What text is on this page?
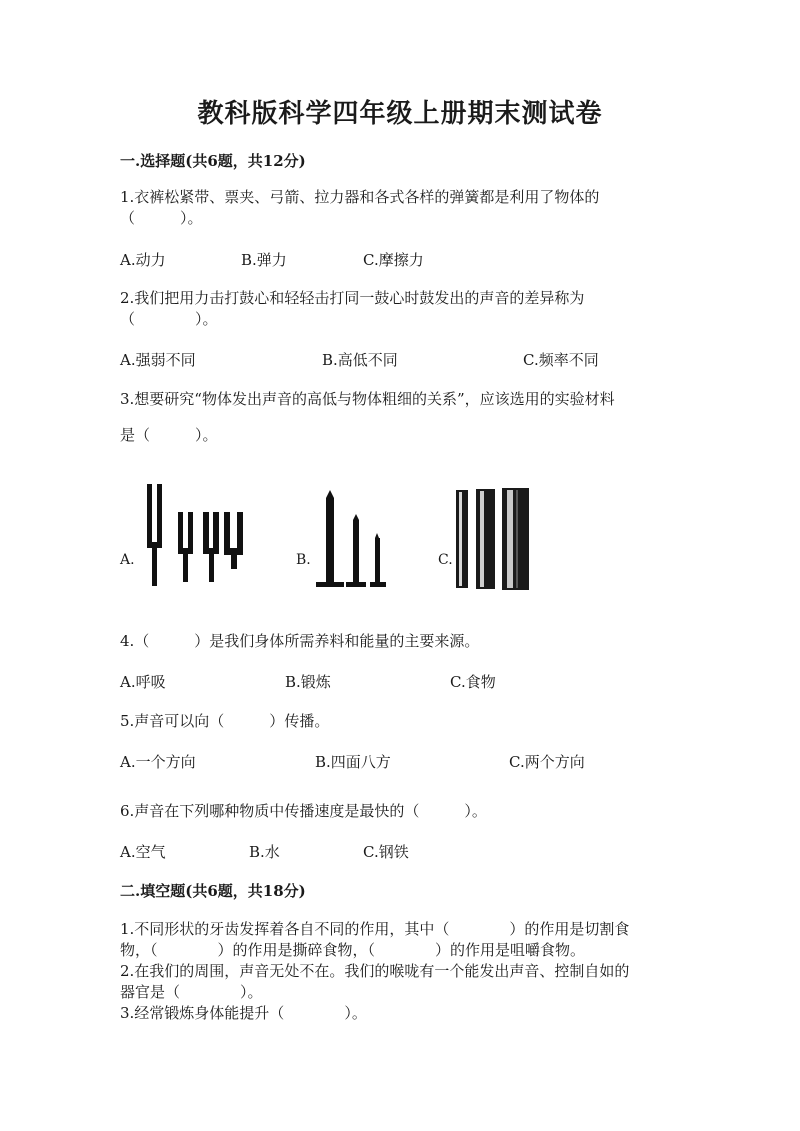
教科版科学四年级上册期末测试卷
一.选择题(共6题，共12分)
1.衣裤松紧带、票夹、弓箭、拉力器和各式各样的弹簧都是利用了物体的
（　　　）。
A.动力	B.弹力	C.摩擦力
2.我们把用力击打鼓心和轻轻击打同一鼓心时鼓发出的声音的差异称为
（　　　　）。
A.强弱不同	B.高低不同	C.频率不同
3.想要研究“物体发出声音的高低与物体粗细的关系”，应该选用的实验材料
是（　　　）。
A.	B.	C.
4.（　　　）是我们身体所需养料和能量的主要来源。
A.呼吸	B.锻炼	C.食物
5.声音可以向（　　　）传播。
A.一个方向	B.四面八方	C.两个方向
6.声音在下列哪种物质中传播速度是最快的（　　　）。
A.空气	B.水	C.钢铁
二.填空题(共6题，共18分)
1.不同形状的牙齿发挥着各自不同的作用，其中（　　　　）的作用是切割食
物，（　　　　）的作用是撕碎食物，（　　　　）的作用是咀嚼食物。
2.在我们的周围，声音无处不在。我们的喉咙有一个能发出声音、控制自如的
器官是（　　　　）。
3.经常锻炼身体能提升（　　　　）。
